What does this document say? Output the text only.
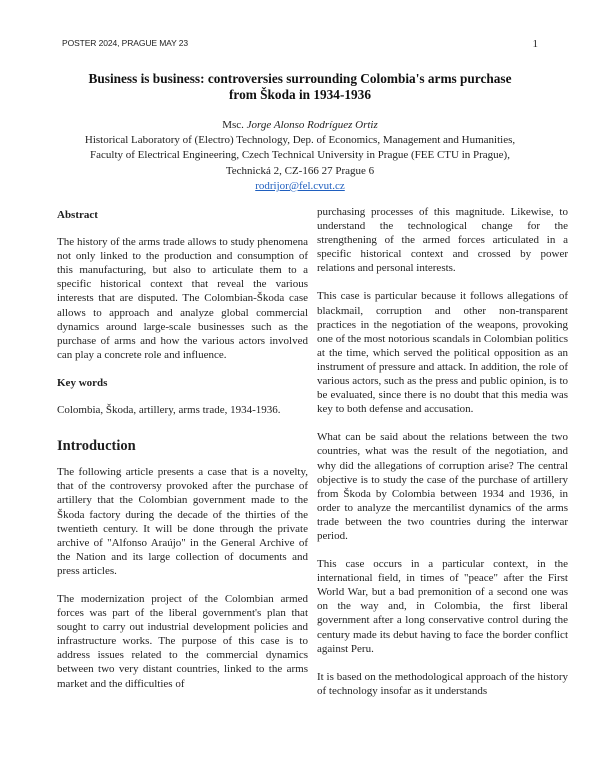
POSTER 2024, PRAGUE MAY 23	1
Business is business: controversies surrounding Colombia's arms purchase
from Škoda in 1934-1936
Msc. Jorge Alonso Rodríguez Ortiz
Historical Laboratory of (Electro) Technology, Dep. of Economics, Management and Humanities,
Faculty of Electrical Engineering, Czech Technical University in Prague (FEE CTU in Prague),
Technická 2, CZ-166 27 Prague 6
rodrijor@fel.cvut.cz
Abstract

The history of the arms trade allows to study phenomena not only linked to the production and consumption of this manufacturing, but also to articulate them to a specific historical context that reveal the various interests that are disputed. The Colombian-Škoda case allows to approach and analyze global commercial dynamics around large-scale businesses such as the purchase of arms and how the various actors involved can play a concrete role and influence.

Key words

Colombia, Škoda, artillery, arms trade, 1934-1936.

Introduction

The following article presents a case that is a novelty, that of the controversy provoked after the purchase of artillery that the Colombian government made to the Škoda factory during the decade of the thirties of the twentieth century. It will be done through the private archive of "Alfonso Araújo" in the General Archive of the Nation and its large collection of documents and press articles.

The modernization project of the Colombian armed forces was part of the liberal government's plan that sought to carry out industrial development policies and infrastructure works. The purpose of this case is to address issues related to the commercial dynamics between two very distant countries, linked to the arms market and the difficulties of

purchasing processes of this magnitude. Likewise, to understand the technological change for the strengthening of the armed forces articulated in a specific historical context and crossed by power relations and personal interests.

This case is particular because it follows allegations of blackmail, corruption and other non-transparent practices in the negotiation of the weapons, provoking one of the most notorious scandals in Colombian politics at the time, which served the political opposition as an instrument of pressure and attack. In addition, the role of various actors, such as the press and public opinion, is to be evaluated, since there is no doubt that this media was key to both defense and accusation.

What can be said about the relations between the two countries, what was the result of the negotiation, and why did the allegations of corruption arise? The central objective is to study the case of the purchase of artillery from Škoda by Colombia between 1934 and 1936, in order to analyze the mercantilist dynamics of the arms trade between the two countries during the interwar period.

This case occurs in a particular context, in the international field, in times of "peace" after the First World War, but a bad premonition of a second one was on the way and, in Colombia, the first liberal government after a long conservative control during the century made its debut having to face the border conflict against Peru.

It is based on the methodological approach of the history of technology insofar as it understands
